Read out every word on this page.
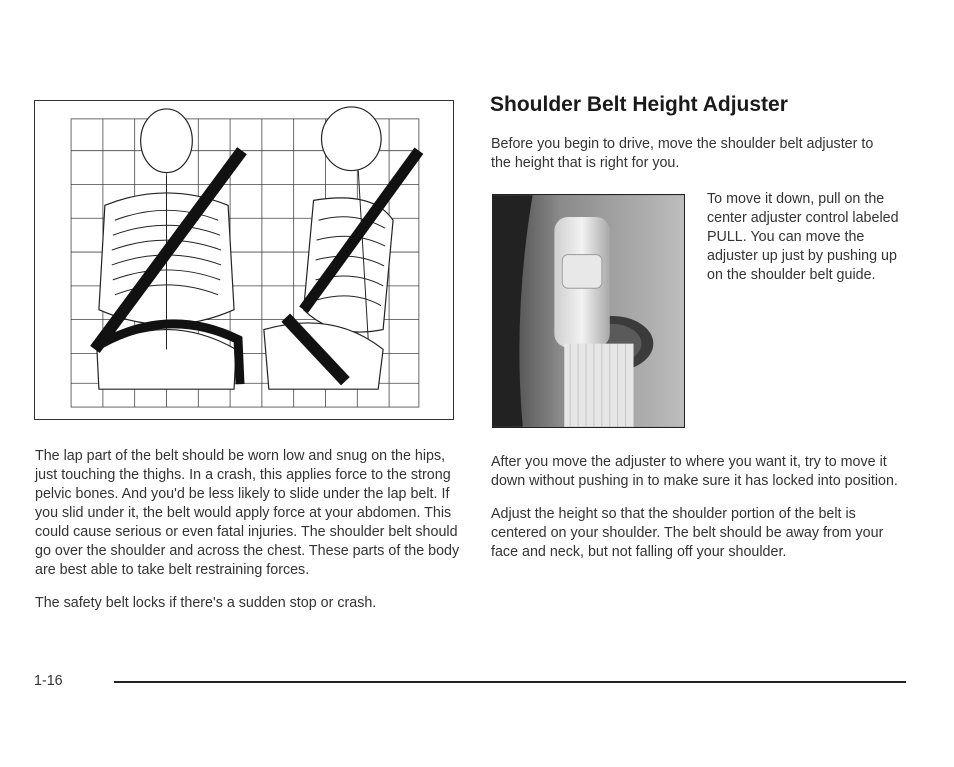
Shoulder Belt Height Adjuster

Before you begin to drive, move the shoulder belt adjuster to the height that is right for you.

To move it down, pull on the center adjuster control labeled PULL. You can move the adjuster up just by pushing up on the shoulder belt guide.

The lap part of the belt should be worn low and snug on the hips, just touching the thighs. In a crash, this applies force to the strong pelvic bones. And you'd be less likely to slide under the lap belt. If you slid under it, the belt would apply force at your abdomen. This could cause serious or even fatal injuries. The shoulder belt should go over the shoulder and across the chest. These parts of the body are best able to take belt restraining forces.

The safety belt locks if there's a sudden stop or crash.

After you move the adjuster to where you want it, try to move it down without pushing in to make sure it has locked into position.

Adjust the height so that the shoulder portion of the belt is centered on your shoulder. The belt should be away from your face and neck, but not falling off your shoulder.

1-16
